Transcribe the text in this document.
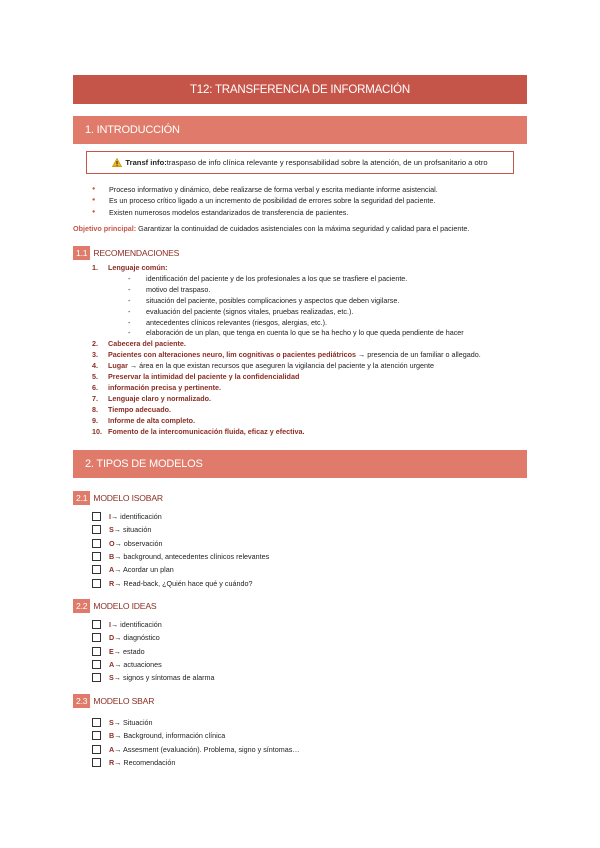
T12: TRANSFERENCIA DE INFORMACIÓN
1. INTRODUCCIÓN
Transf info: traspaso de info clínica relevante y responsabilidad sobre la atención, de un profsanitario a otro
● Proceso informativo y dinámico, debe realizarse de forma verbal y escrita mediante informe asistencial.
● Es un proceso crítico ligado a un incremento de posibilidad de errores sobre la seguridad del paciente.
● Existen numerosos modelos estandarizados de transferencia de pacientes.
Objetivo principal: Garantizar la continuidad de cuidados asistenciales con la máxima seguridad y calidad para el paciente.
1.1 RECOMENDACIONES
1. Lenguaje común:
- identificación del paciente y de los profesionales a los que se trasfiere el paciente.
- motivo del traspaso.
- situación del paciente, posibles complicaciones y aspectos que deben vigilarse.
- evaluación del paciente (signos vitales, pruebas realizadas, etc.).
- antecedentes clínicos relevantes (riesgos, alergias, etc.).
- elaboración de un plan, que tenga en cuenta lo que se ha hecho y lo que queda pendiente de hacer
2. Cabecera del paciente.
3. Pacientes con alteraciones neuro, lim cognitivas o pacientes pediátricos → presencia de un familiar o allegado.
4. Lugar → área en la que existan recursos que aseguren la vigilancia del paciente y la atención urgente
5. Preservar la intimidad del paciente y la confidencialidad
6. información precisa y pertinente.
7. Lenguaje claro y normalizado.
8. Tiempo adecuado.
9. Informe de alta completo.
10. Fomento de la intercomunicación fluida, eficaz y efectiva.
2. TIPOS DE MODELOS
2.1 MODELO ISOBAR
I → identificación
S → situación
O → observación
B → background, antecedentes clínicos relevantes
A → Acordar un plan
R → Read-back, ¿Quién hace qué y cuándo?
2.2 MODELO IDEAS
I → identificación
D → diagnóstico
E → estado
A → actuaciones
S → signos y síntomas de alarma
2.3 MODELO SBAR
S → Situación
B → Background, información clínica
A → Assesment (evaluación). Problema, signo y síntomas…
R → Recomendación
